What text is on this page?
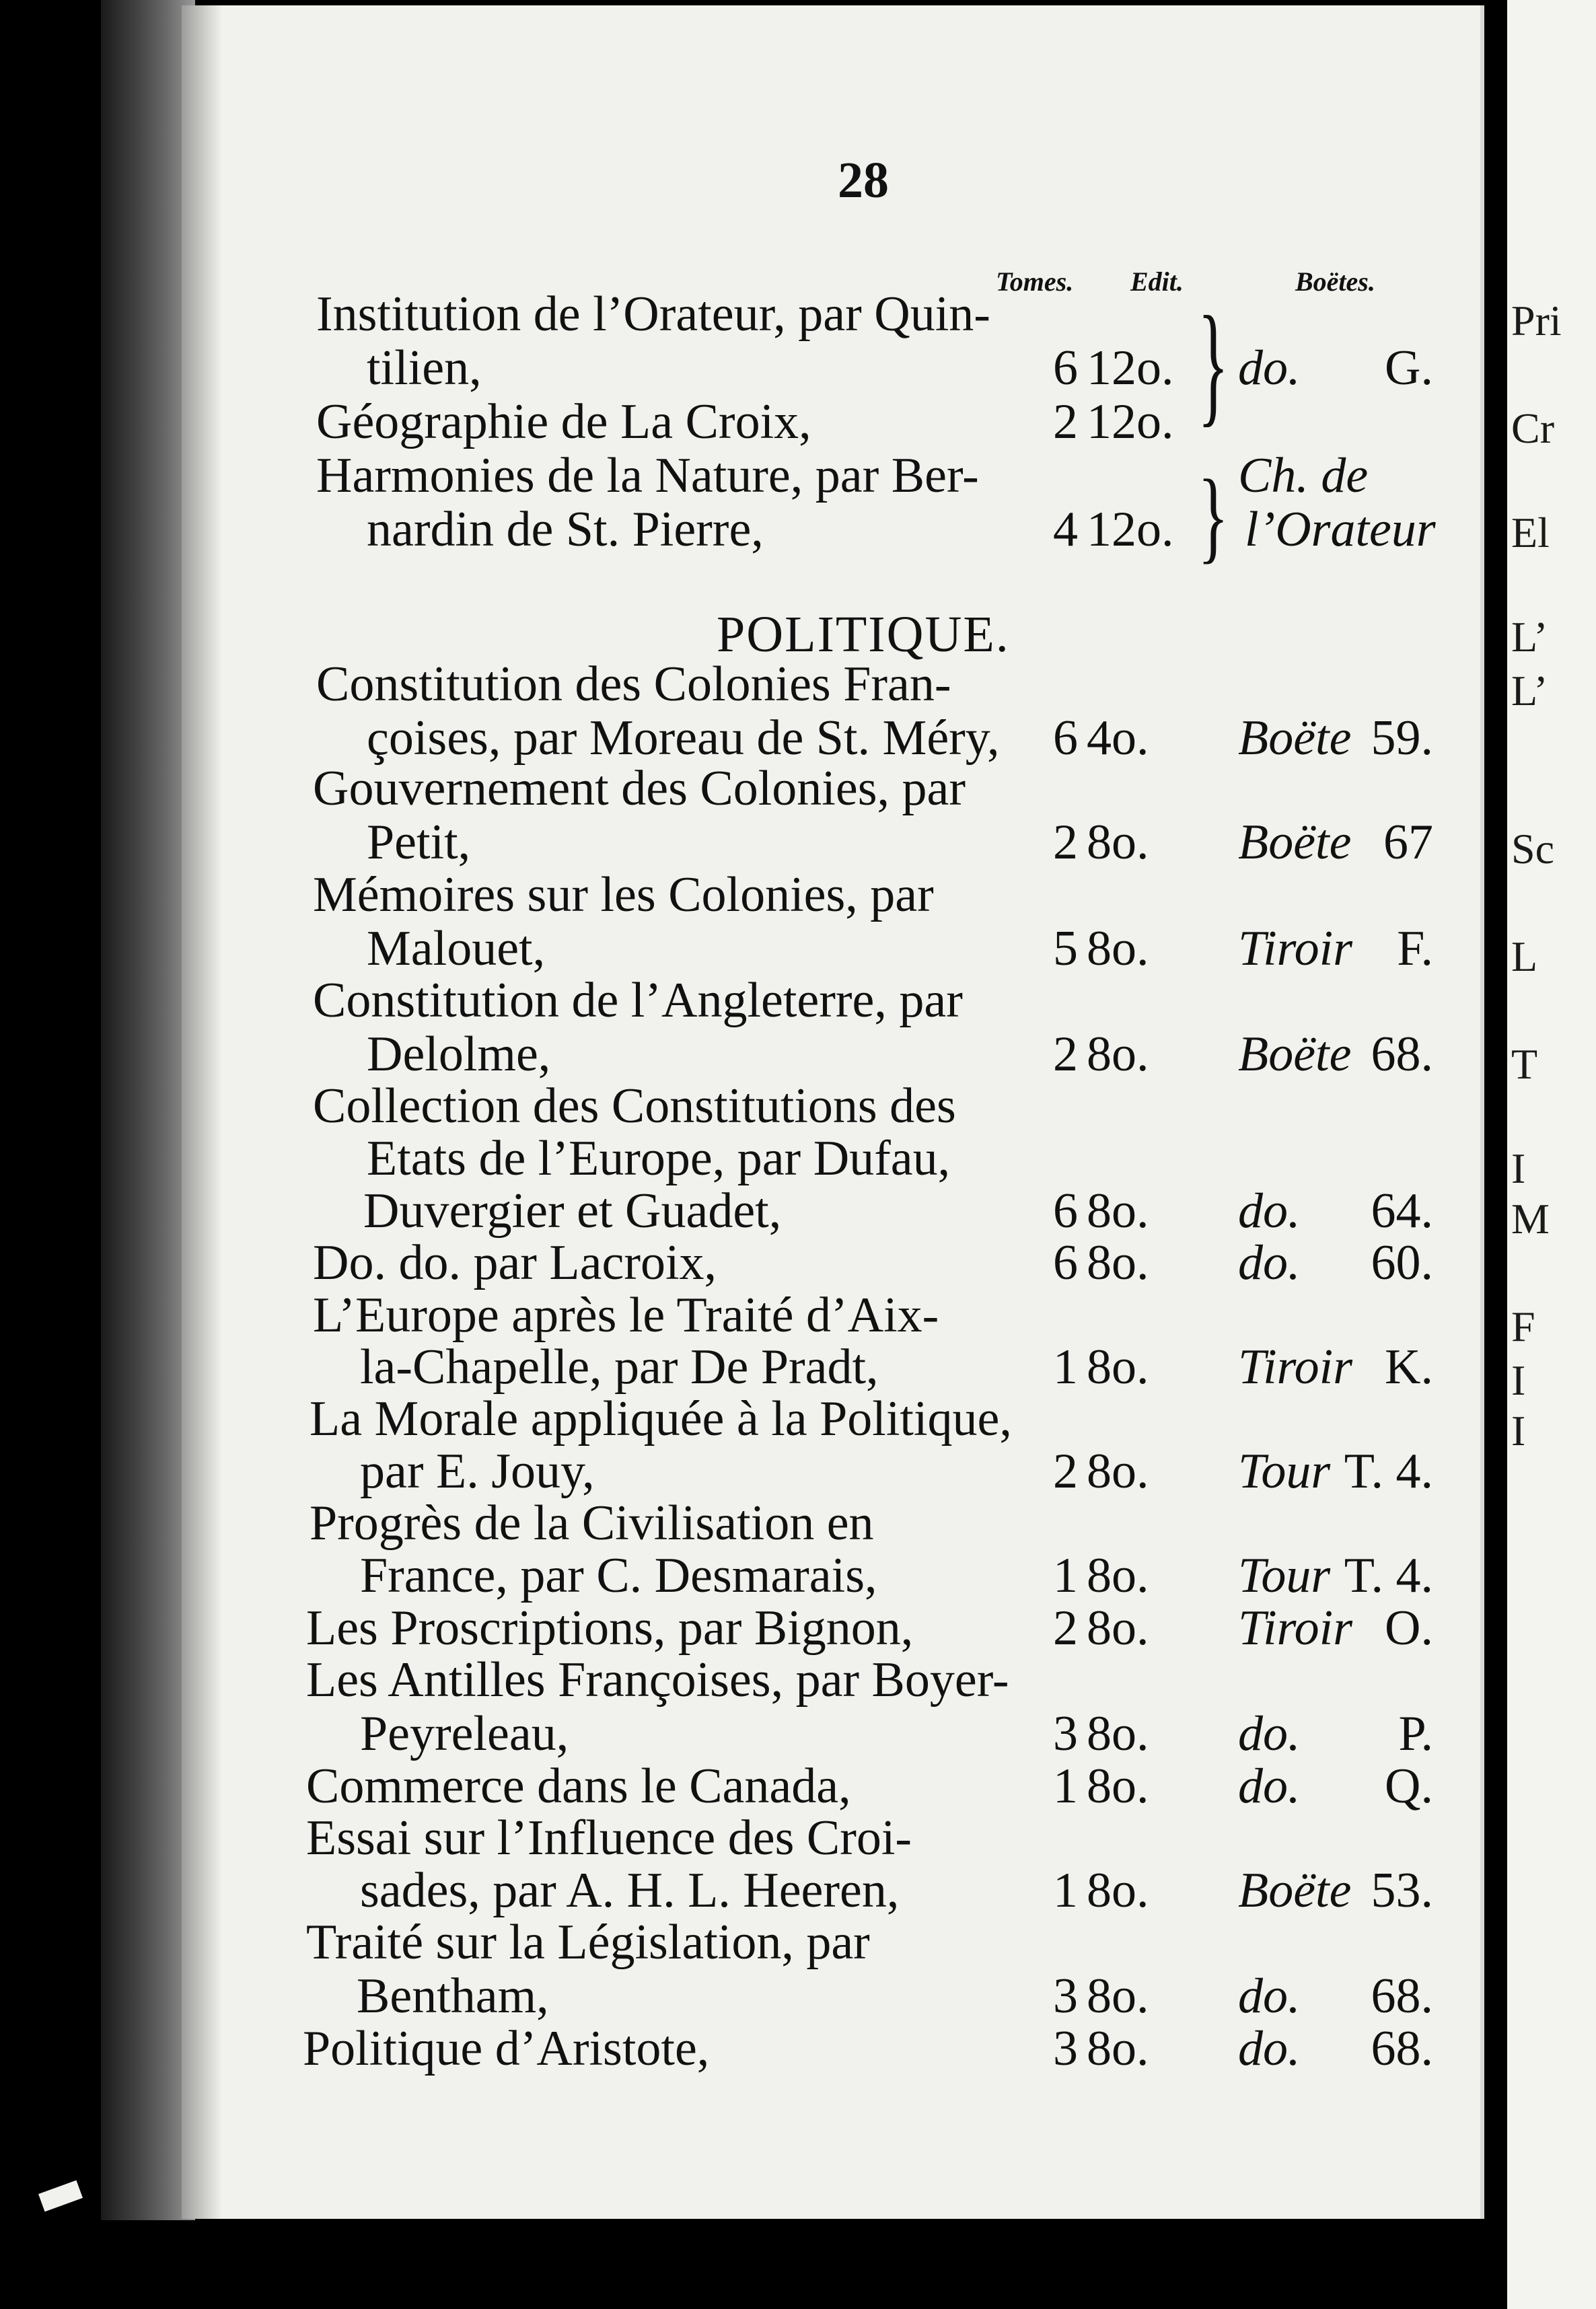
Pri
Cr
El
L’
L’
Sc
L
T
I
M
F
I
I
28
Tomes. Edit.	Boëtes.
}
}
Institution de l’Orateur, par Quin-
tilien,	6 12o. do. G.
Géographie de La Croix,	2 12o.
Harmonies de la Nature, par Ber-	Ch. de
nardin de St. Pierre,	4 12o. l’Orateur
POLITIQUE.
Constitution des Colonies Fran-
çoises, par Moreau de St. Méry, 6 4o. Boëte 59.
Gouvernement des Colonies, par
Petit,	2 8o. Boëte 67
Mémoires sur les Colonies, par
Malouet,	5 8o. Tiroir F.
Constitution de l’Angleterre, par
Delolme,	2 8o. Boëte 68.
Collection des Constitutions des
Etats de l’Europe, par Dufau,
Duvergier et Guadet,	6 8o. do. 64.
Do. do. par Lacroix,	6 8o. do. 60.
L’Europe après le Traité d’Aix-
la-Chapelle, par De Pradt,	1 8o. Tiroir K.
La Morale appliquée à la Politique,
par E. Jouy,	2 8o. Tour T. 4.
Progrès de la Civilisation en
France, par C. Desmarais,	1 8o. Tour T. 4.
Les Proscriptions, par Bignon,	2 8o. Tiroir O.
Les Antilles Françoises, par Boyer-
Peyreleau,	3 8o. do. P.
Commerce dans le Canada,	1 8o. do. Q.
Essai sur l’Influence des Croi-
sades, par A. H. L. Heeren,	1 8o. Boëte 53.
Traité sur la Législation, par
Bentham,	3 8o. do. 68.
Politique d’Aristote,	3 8o. do. 68.
